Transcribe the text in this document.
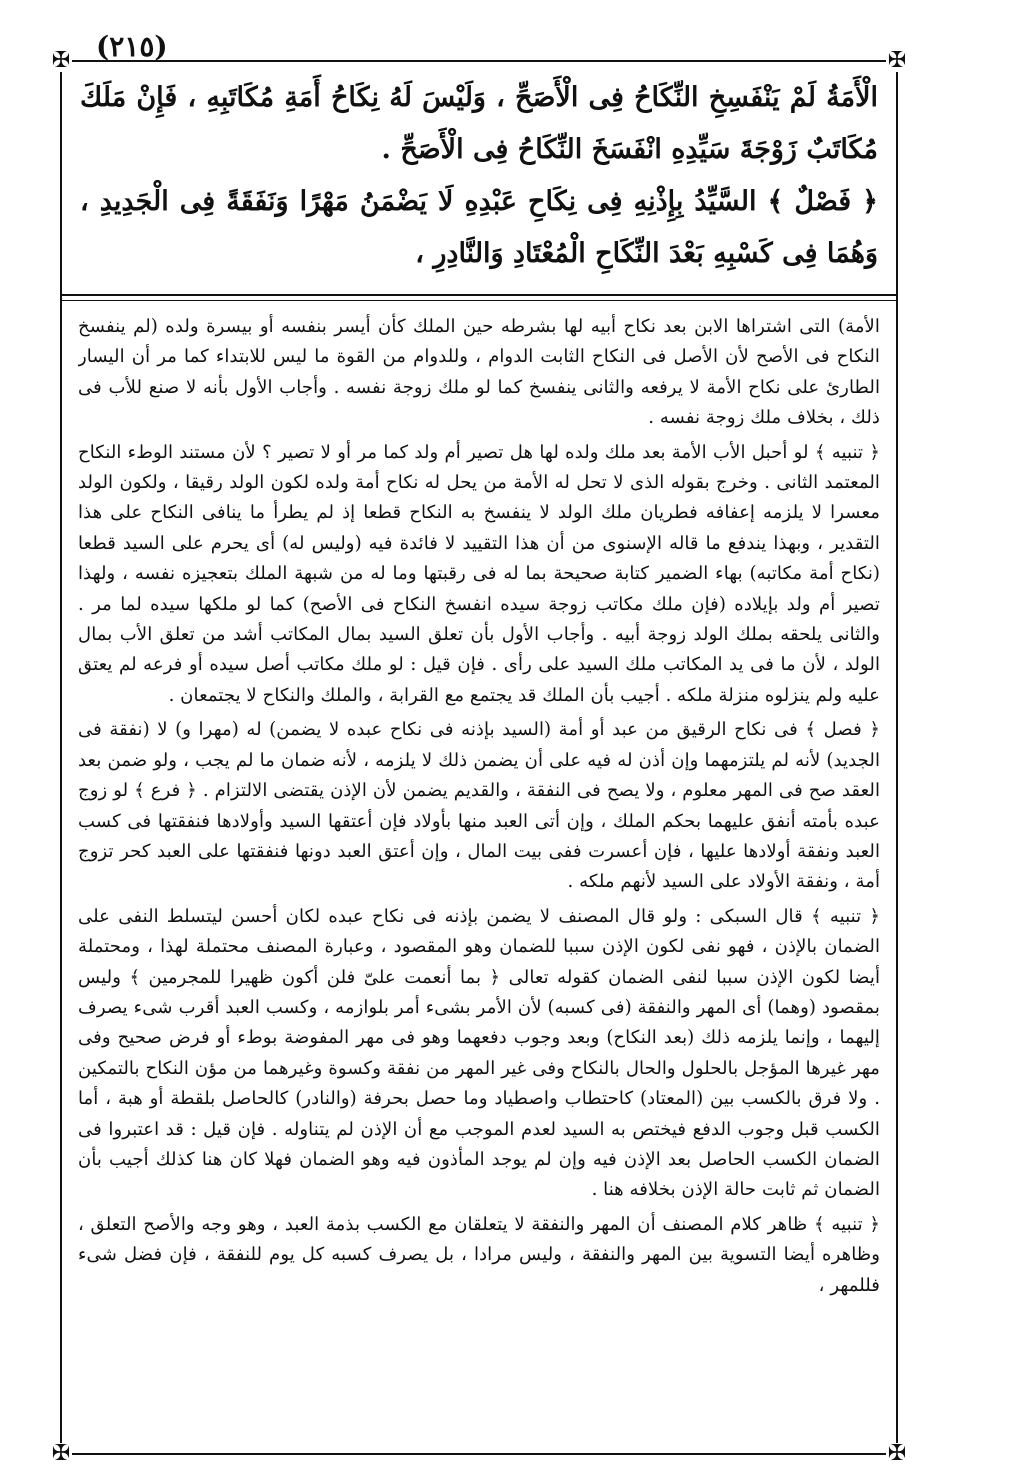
(٢١٥)
✠	✠
✠	✠

الْأَمَةُ لَمْ يَنْفَسِخِ النِّكَاحُ فِى الْأَصَحِّ ، وَلَيْسَ لَهُ نِكَاحُ أَمَةِ مُكَاتَبِهِ ، فَإِنْ مَلَكَ مُكَاتَبٌ زَوْجَةَ سَيِّدِهِ انْفَسَخَ النِّكَاحُ فِى الْأَصَحِّ .

﴿ فَصْلٌ ﴾ السَّيِّدُ بِإِذْنِهِ فِى نِكَاحِ عَبْدِهِ لَا يَضْمَنُ مَهْرًا وَنَفَقَةً فِى الْجَدِيدِ ، وَهُمَا فِى كَسْبِهِ بَعْدَ النِّكَاحِ الْمُعْتَادِ وَالنَّادِرِ ،

الأمة) التى اشتراها الابن بعد نكاح أبيه لها بشرطه حين الملك كأن أيسر بنفسه أو بيسرة ولده (لم ينفسخ النكاح فى الأصح لأن الأصل فى النكاح الثابت الدوام ، وللدوام من القوة ما ليس للابتداء كما مر أن اليسار الطارئ على نكاح الأمة لا يرفعه والثانى ينفسخ كما لو ملك زوجة نفسه . وأجاب الأول بأنه لا صنع للأب فى ذلك ، بخلاف ملك زوجة نفسه .

﴿ تنبيه ﴾ لو أحبل الأب الأمة بعد ملك ولده لها هل تصير أم ولد كما مر أو لا تصير ؟ لأن مستند الوطء النكاح المعتمد الثانى . وخرج بقوله الذى لا تحل له الأمة من يحل له نكاح أمة ولده لكون الولد رقيقا ، ولكون الولد معسرا لا يلزمه إعفافه فطريان ملك الولد لا ينفسخ به النكاح قطعا إذ لم يطرأ ما ينافى النكاح على هذا التقدير ، وبهذا يندفع ما قاله الإسنوى من أن هذا التقييد لا فائدة فيه (وليس له) أى يحرم على السيد قطعا (نكاح أمة مكاتبه) بهاء الضمير كتابة صحيحة بما له فى رقبتها وما له من شبهة الملك بتعجيزه نفسه ، ولهذا تصير أم ولد بإيلاده (فإن ملك مكاتب زوجة سيده انفسخ النكاح فى الأصح) كما لو ملكها سيده لما مر . والثانى يلحقه بملك الولد زوجة أبيه . وأجاب الأول بأن تعلق السيد بمال المكاتب أشد من تعلق الأب بمال الولد ، لأن ما فى يد المكاتب ملك السيد على رأى . فإن قيل : لو ملك مكاتب أصل سيده أو فرعه لم يعتق عليه ولم ينزلوه منزلة ملكه . أجيب بأن الملك قد يجتمع مع القرابة ، والملك والنكاح لا يجتمعان .

﴿ فصل ﴾ فى نكاح الرقيق من عبد أو أمة (السيد بإذنه فى نكاح عبده لا يضمن) له (مهرا و) لا (نفقة فى الجديد) لأنه لم يلتزمهما وإن أذن له فيه على أن يضمن ذلك لا يلزمه ، لأنه ضمان ما لم يجب ، ولو ضمن بعد العقد صح فى المهر معلوم ، ولا يصح فى النفقة ، والقديم يضمن لأن الإذن يقتضى الالتزام . ﴿ فرع ﴾ لو زوج عبده بأمته أنفق عليهما بحكم الملك ، وإن أتى العبد منها بأولاد فإن أعتقها السيد وأولادها فنفقتها فى كسب العبد ونفقة أولادها عليها ، فإن أعسرت ففى بيت المال ، وإن أعتق العبد دونها فنفقتها على العبد كحر تزوج أمة ، ونفقة الأولاد على السيد لأنهم ملكه .

﴿ تنبيه ﴾ قال السبكى : ولو قال المصنف لا يضمن بإذنه فى نكاح عبده لكان أحسن ليتسلط النفى على الضمان بالإذن ، فهو نفى لكون الإذن سببا للضمان وهو المقصود ، وعبارة المصنف محتملة لهذا ، ومحتملة أيضا لكون الإذن سببا لنفى الضمان كقوله تعالى ﴿ بما أنعمت علىّ فلن أكون ظهيرا للمجرمين ﴾ وليس بمقصود (وهما) أى المهر والنفقة (فى كسبه) لأن الأمر بشىء أمر بلوازمه ، وكسب العبد أقرب شىء يصرف إليهما ، وإنما يلزمه ذلك (بعد النكاح) وبعد وجوب دفعهما وهو فى مهر المفوضة بوطء أو فرض صحيح وفى مهر غيرها المؤجل بالحلول والحال بالنكاح وفى غير المهر من نفقة وكسوة وغيرهما من مؤن النكاح بالتمكين . ولا فرق بالكسب بين (المعتاد) كاحتطاب واصطياد وما حصل بحرفة (والنادر) كالحاصل بلقطة أو هبة ، أما الكسب قبل وجوب الدفع فيختص به السيد لعدم الموجب مع أن الإذن لم يتناوله . فإن قيل : قد اعتبروا فى الضمان الكسب الحاصل بعد الإذن فيه وإن لم يوجد المأذون فيه وهو الضمان فهلا كان هنا كذلك أجيب بأن الضمان ثم ثابت حالة الإذن بخلافه هنا .

﴿ تنبيه ﴾ ظاهر كلام المصنف أن المهر والنفقة لا يتعلقان مع الكسب بذمة العبد ، وهو وجه والأصح التعلق ، وظاهره أيضا التسوية بين المهر والنفقة ، وليس مرادا ، بل يصرف كسبه كل يوم للنفقة ، فإن فضل شىء فللمهر ،
